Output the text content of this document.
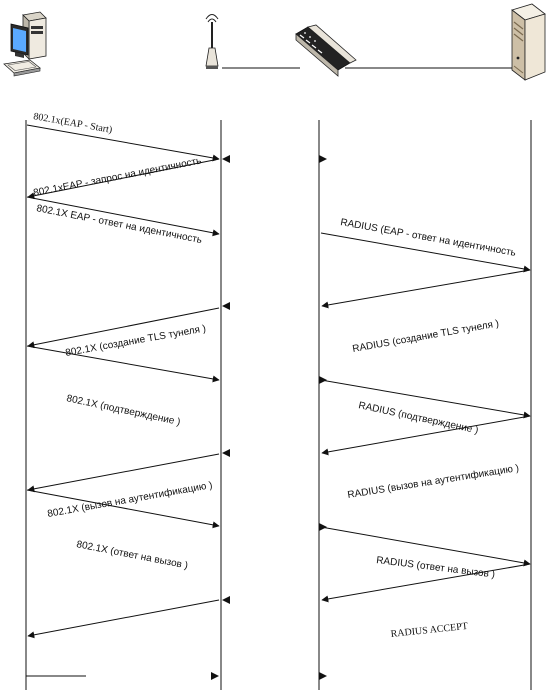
802.1x(EAP - Start)
802.1xEAP - запрос на идентичность
802.1X EAP - ответ на идентичность	RADIUS (EAP - ответ на идентичность
RADIUS (создание TLS тунеля )
802.1X (создание TLS тунеля )
802.1X (подтверждение )	RADIUS (подтверждение )
RADIUS (вызов на аутентификацию )
802.1X (вызов на аутентификацию )
802.1X (ответ на вызов )	RADIUS (ответ на вызов )
RADIUS ACCEPT
